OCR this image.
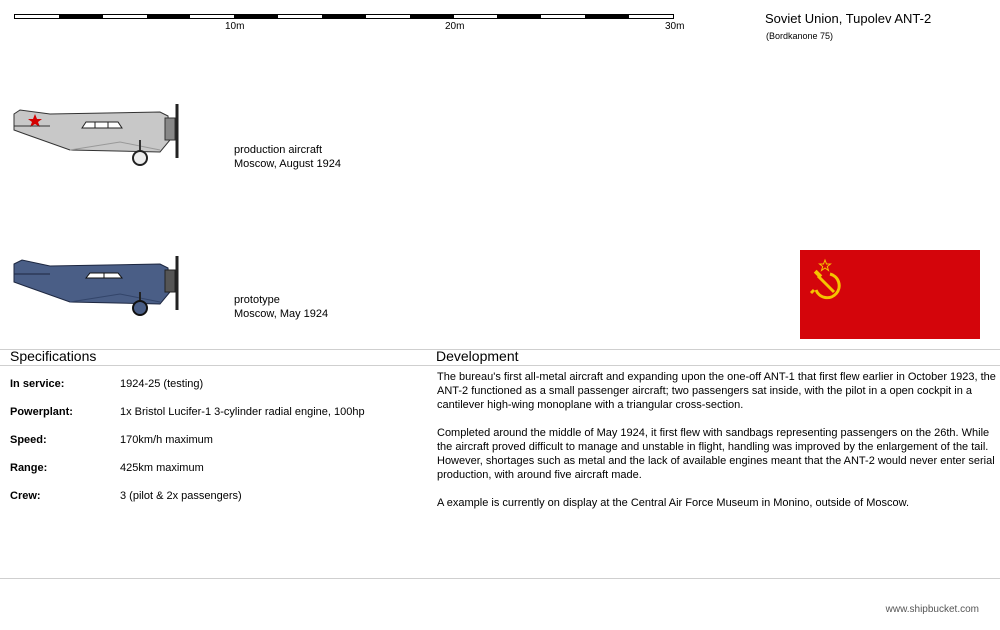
10m	20m	30m
Soviet Union, Tupolev ANT-2
(Bordkanone 75)
production aircraft
Moscow, August 1924
prototype
Moscow, May 1924
Specifications
In service:	1924-25 (testing)
Powerplant:	1x Bristol Lucifer-1 3-cylinder radial engine, 100hp
Speed:	170km/h maximum
Range:	425km maximum
Crew:	3 (pilot & 2x passengers)
Development

The bureau's first all-metal aircraft and expanding upon the one-off ANT-1 that first flew earlier in October 1923, the ANT-2 functioned as a small passenger aircraft; two passengers sat inside, with the pilot in a open cockpit in a cantilever high-wing monoplane with a triangular cross-section.

Completed around the middle of May 1924, it first flew with sandbags representing passengers on the 26th. While the aircraft proved difficult to manage and unstable in flight, handling was improved by the enlargement of the tail. However, shortages such as metal and the lack of available engines meant that the ANT-2 would never enter serial production, with around five aircraft made.

A example is currently on display at the Central Air Force Museum in Monino, outside of Moscow.

www.shipbucket.com
